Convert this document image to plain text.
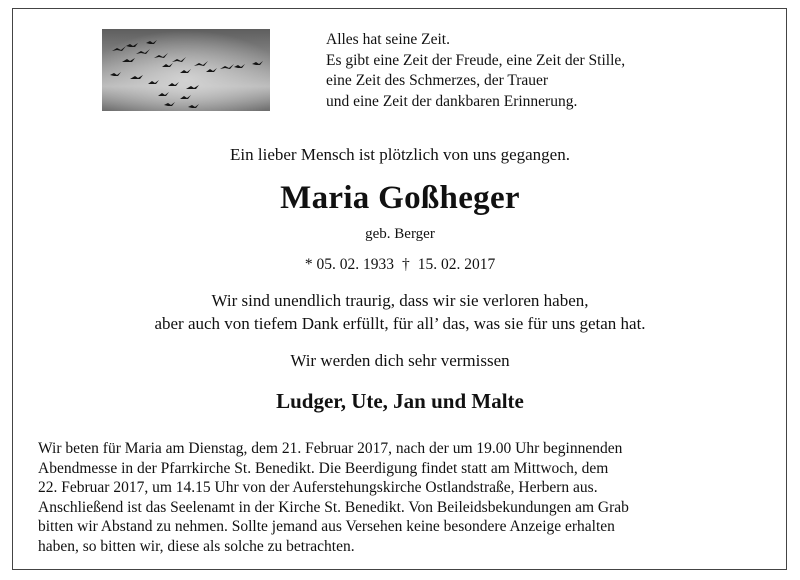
Alles hat seine Zeit.
Es gibt eine Zeit der Freude, eine Zeit der Stille,
eine Zeit des Schmerzes, der Trauer
und eine Zeit der dankbaren Erinnerung.
Ein lieber Mensch ist plötzlich von uns gegangen.
Maria Goßheger
geb. Berger
* 05. 02. 1933 † 15. 02. 2017
Wir sind unendlich traurig, dass wir sie verloren haben,
aber auch von tiefem Dank erfüllt, für all’ das, was sie für uns getan hat.
Wir werden dich sehr vermissen
Ludger, Ute, Jan und Malte
Wir beten für Maria am Dienstag, dem 21. Februar 2017, nach der um 19.00 Uhr beginnenden
Abendmesse in der Pfarrkirche St. Benedikt. Die Beerdigung findet statt am Mittwoch, dem
22. Februar 2017, um 14.15 Uhr von der Auferstehungskirche Ostlandstraße, Herbern aus.
Anschließend ist das Seelenamt in der Kirche St. Benedikt. Von Beileidsbekundungen am Grab
bitten wir Abstand zu nehmen. Sollte jemand aus Versehen keine besondere Anzeige erhalten
haben, so bitten wir, diese als solche zu betrachten.
